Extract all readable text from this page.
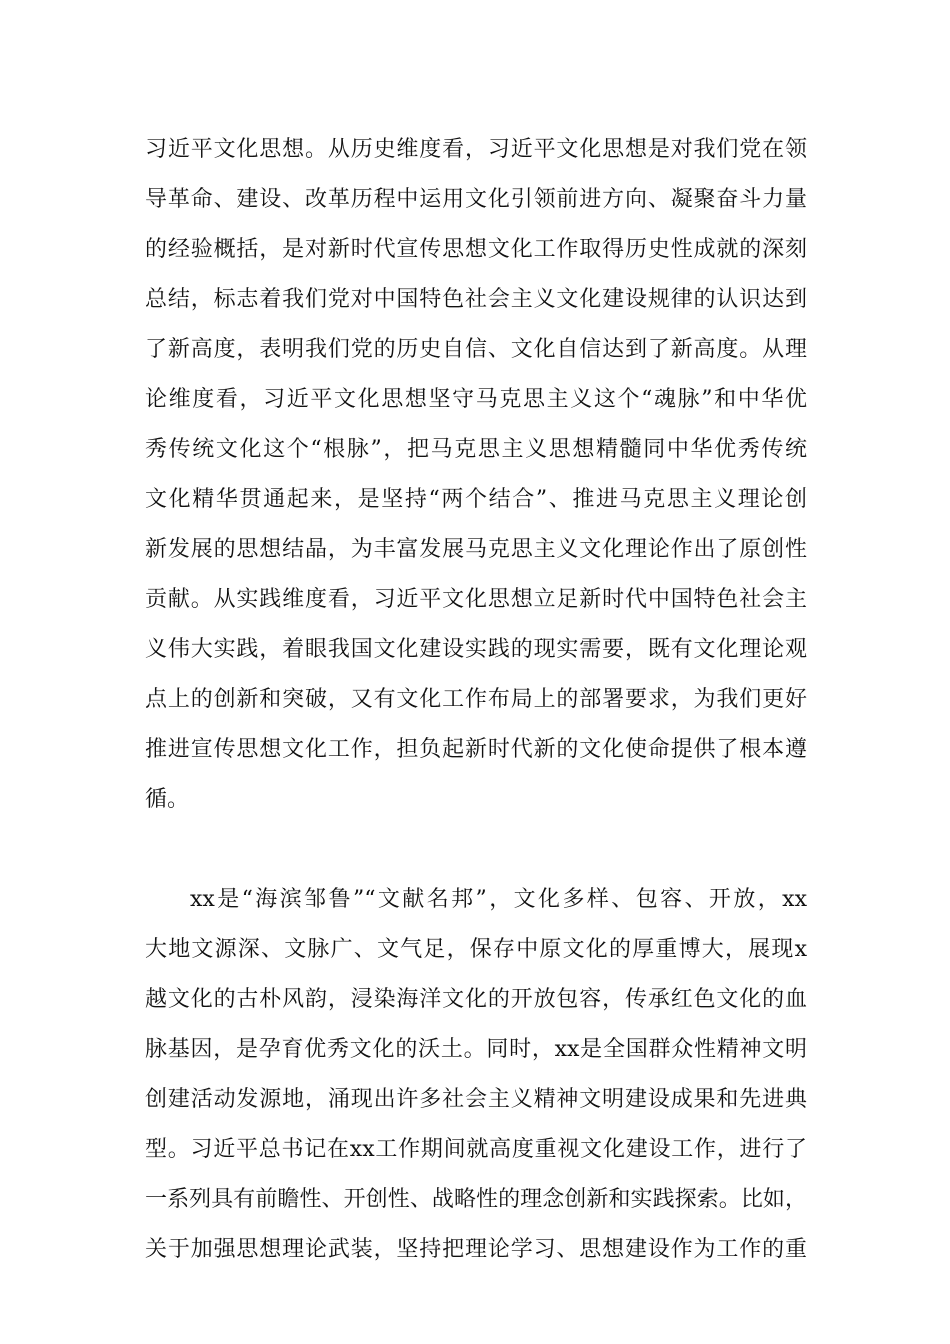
习近平文化思想。从历史维度看，习近平文化思想是对我们党在领
导革命、建设、改革历程中运用文化引领前进方向、凝聚奋斗力量
的经验概括，是对新时代宣传思想文化工作取得历史性成就的深刻
总结，标志着我们党对中国特色社会主义文化建设规律的认识达到
了新高度，表明我们党的历史自信、文化自信达到了新高度。从理
论维度看，习近平文化思想坚守马克思主义这个“魂脉”和中华优
秀传统文化这个“根脉”，把马克思主义思想精髓同中华优秀传统
文化精华贯通起来，是坚持“两个结合”、推进马克思主义理论创
新发展的思想结晶，为丰富发展马克思主义文化理论作出了原创性
贡献。从实践维度看，习近平文化思想立足新时代中国特色社会主
义伟大实践，着眼我国文化建设实践的现实需要，既有文化理论观
点上的创新和突破，又有文化工作布局上的部署要求，为我们更好
推进宣传思想文化工作，担负起新时代新的文化使命提供了根本遵
循。
xx是“海滨邹鲁”“文献名邦”，文化多样、包容、开放，xx
大地文源深、文脉广、文气足，保存中原文化的厚重博大，展现x
越文化的古朴风韵，浸染海洋文化的开放包容，传承红色文化的血
脉基因，是孕育优秀文化的沃土。同时，xx是全国群众性精神文明
创建活动发源地，涌现出许多社会主义精神文明建设成果和先进典
型。习近平总书记在xx工作期间就高度重视文化建设工作，进行了
一系列具有前瞻性、开创性、战略性的理念创新和实践探索。比如，
关于加强思想理论武装，坚持把理论学习、思想建设作为工作的重
